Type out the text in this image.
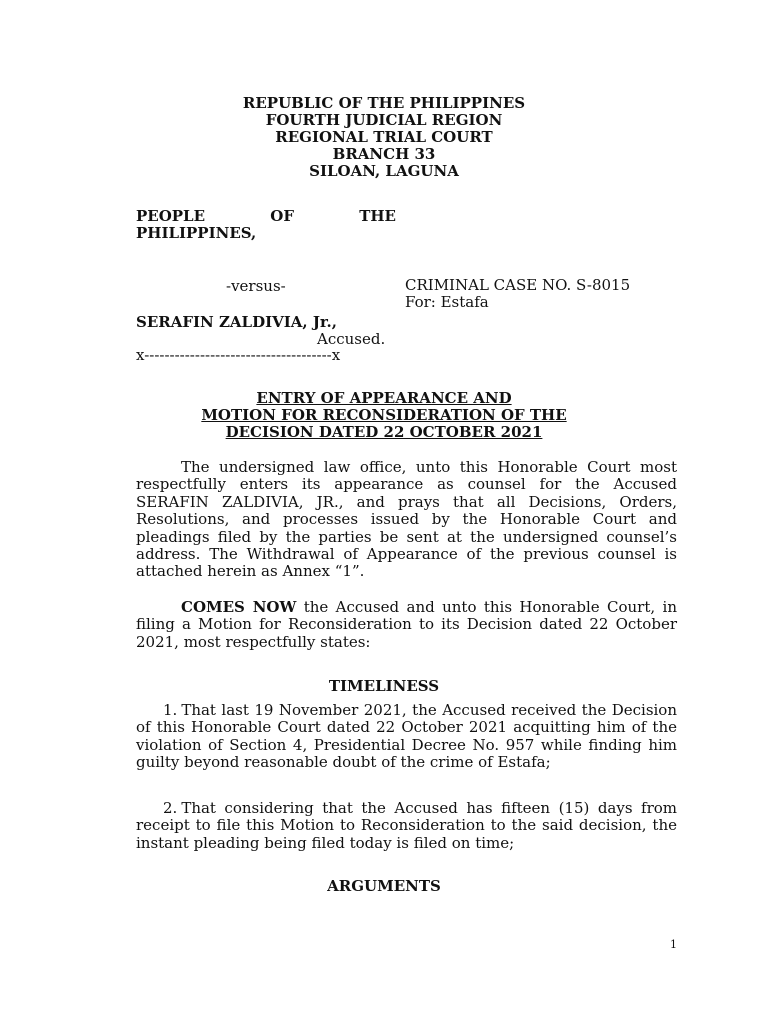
REPUBLIC OF THE PHILIPPINES
FOURTH JUDICIAL REGION
REGIONAL TRIAL COURT
BRANCH 33
SILOAN, LAGUNA
PEOPLE	OF	THE
PHILIPPINES,
-versus-	CRIMINAL CASE NO. S-8015
For: Estafa
SERAFIN ZALDIVIA, Jr.,
Accused.
x-------------------------------------x
ENTRY OF APPEARANCE AND
MOTION FOR RECONSIDERATION OF THE
DECISION DATED 22 OCTOBER 2021
The undersigned law office, unto this Honorable Court most respectfully enters its appearance as counsel for the Accused SERAFIN ZALDIVIA, JR., and prays that all Decisions, Orders, Resolutions, and processes issued by the Honorable Court and pleadings filed by the parties be sent at the undersigned counsel’s address. The Withdrawal of Appearance of the previous counsel is attached herein as Annex “1”.
COMES NOW the Accused and unto this Honorable Court, in filing a Motion for Reconsideration to its Decision dated 22 October 2021, most respectfully states:
TIMELINESS
1. That last 19 November 2021, the Accused received the Decision of this Honorable Court dated 22 October 2021 acquitting him of the violation of Section 4, Presidential Decree No. 957 while finding him guilty beyond reasonable doubt of the crime of Estafa;
2. That considering that the Accused has fifteen (15) days from receipt to file this Motion to Reconsideration to the said decision, the instant pleading being filed today is filed on time;
ARGUMENTS
1
